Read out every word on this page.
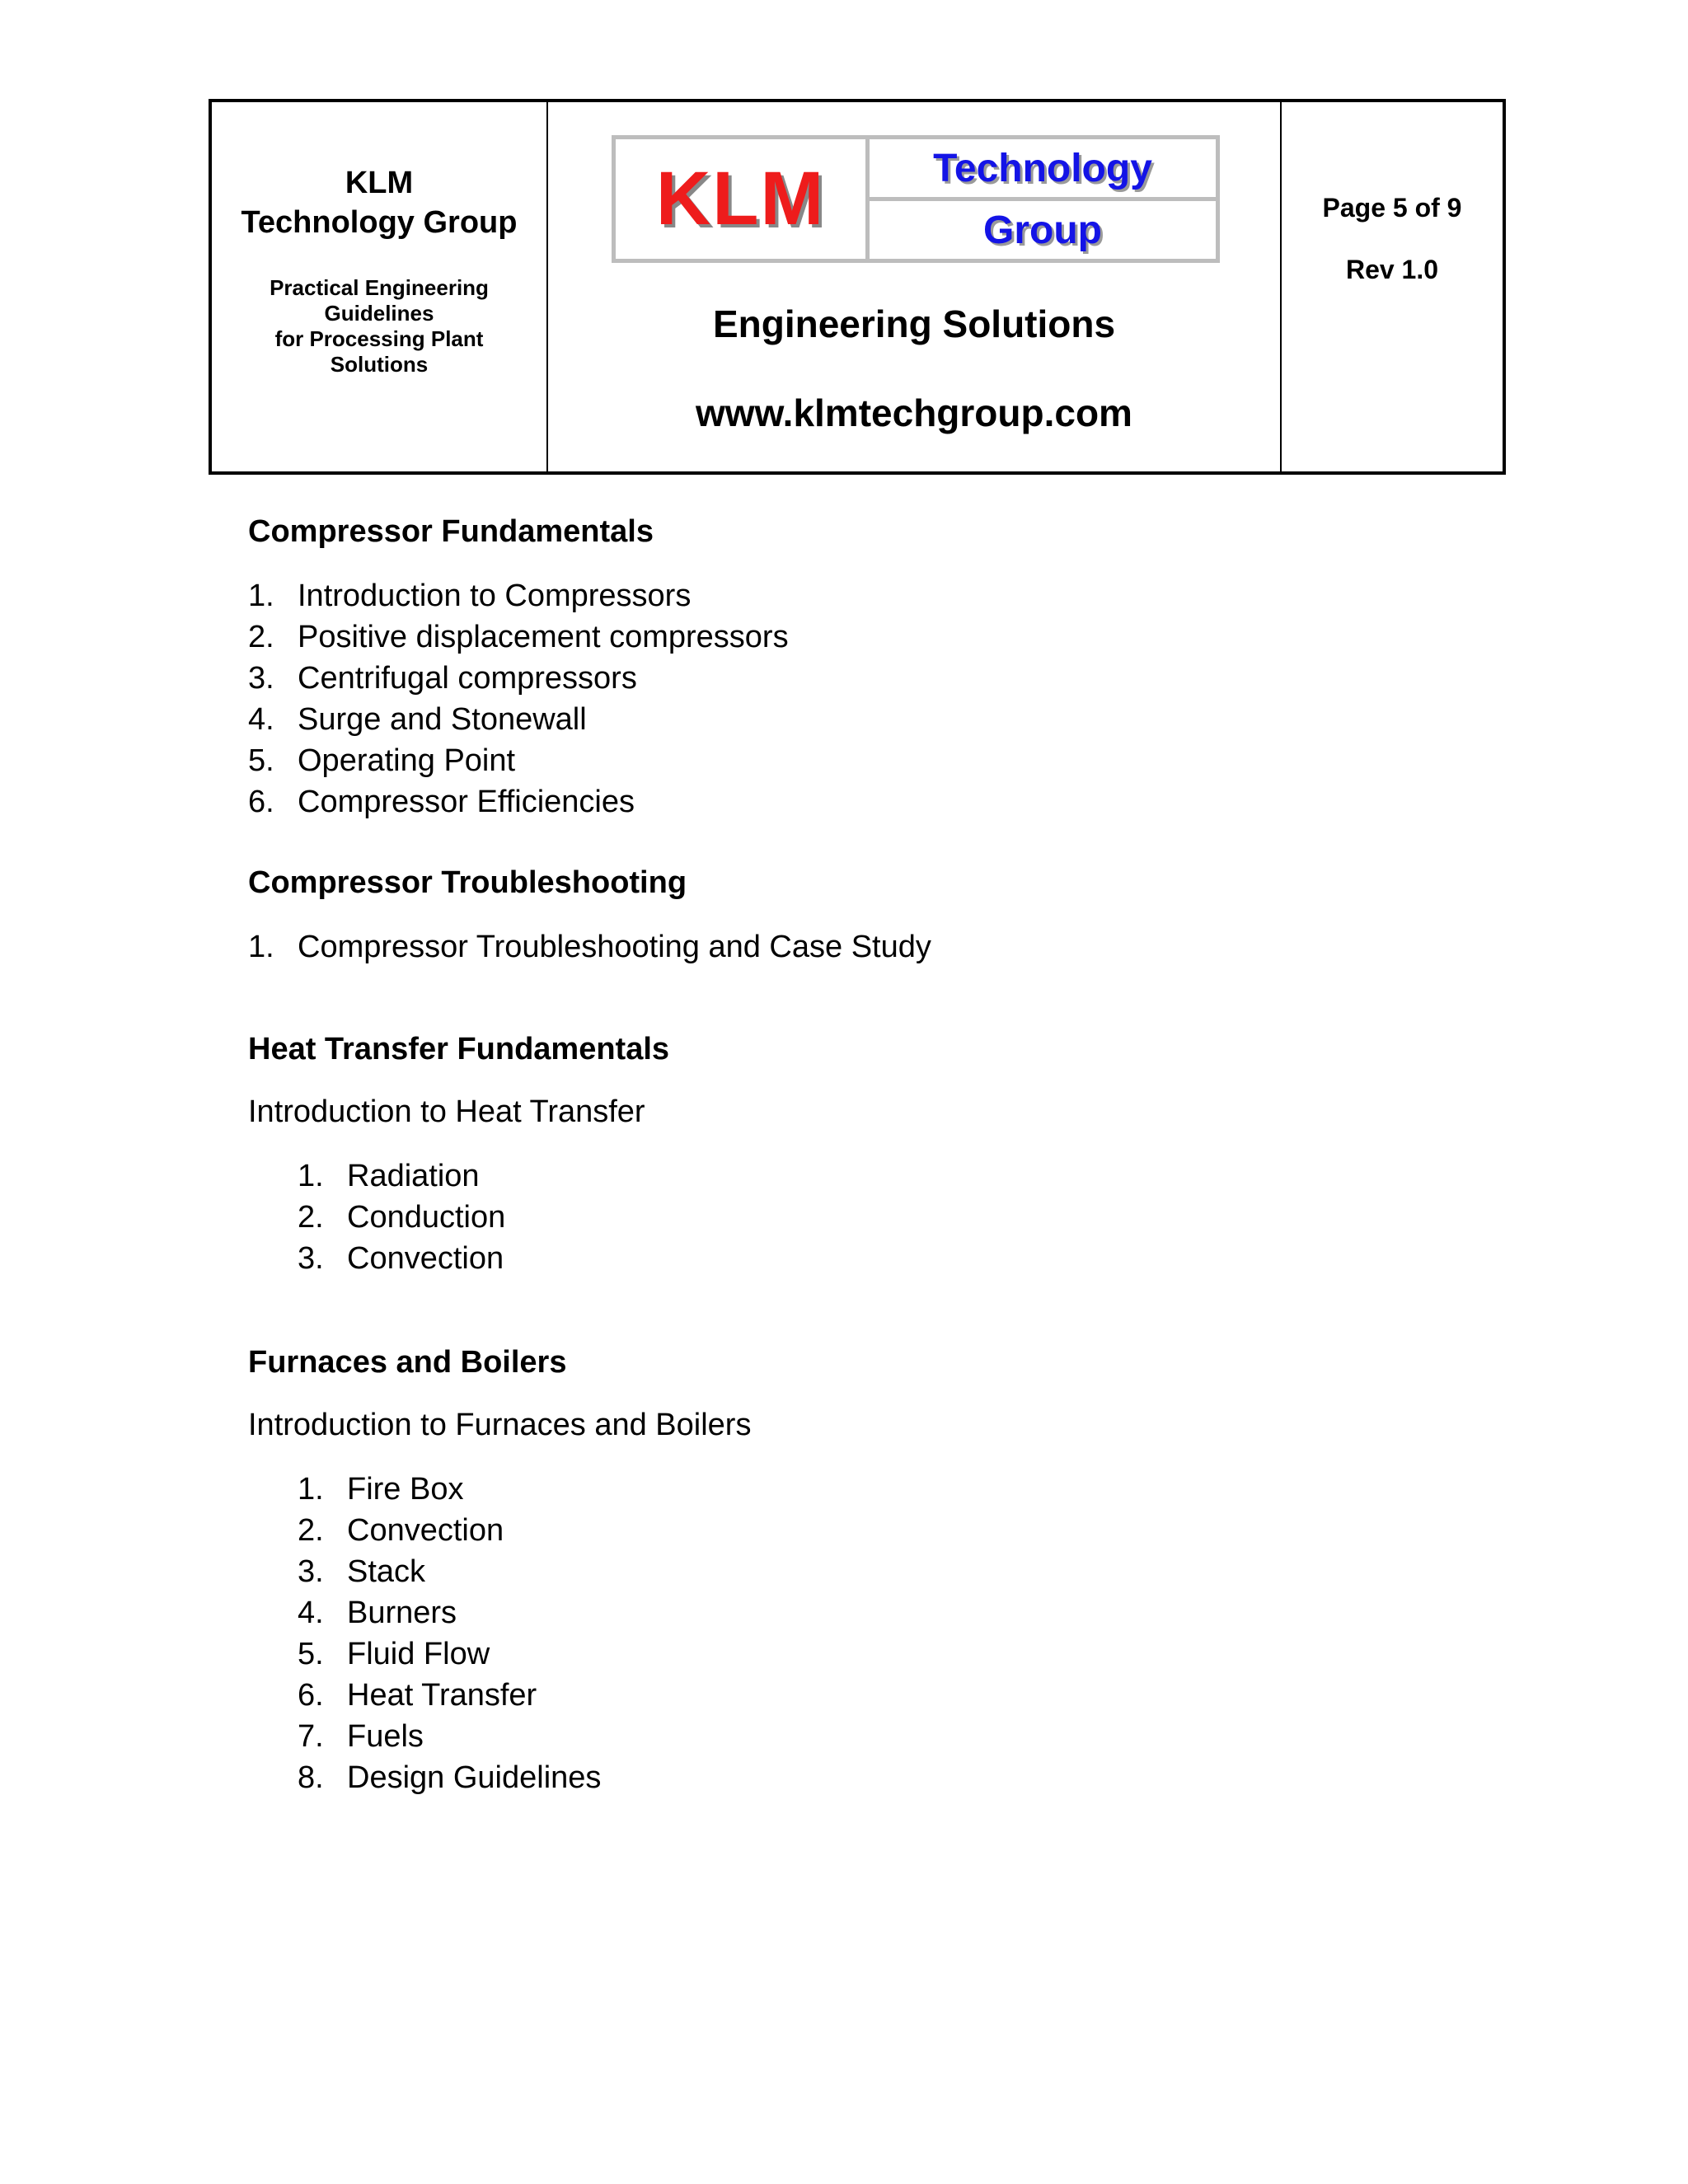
KLM
Technology Group
Practical Engineering
Guidelines
for Processing Plant
Solutions
KLM	Technology
Group
Engineering Solutions
www.klmtechgroup.com
Page 5 of 9
Rev 1.0
Compressor Fundamentals
1. Introduction to Compressors
2. Positive displacement compressors
3. Centrifugal compressors
4. Surge and Stonewall
5. Operating Point
6. Compressor Efficiencies
Compressor Troubleshooting
1. Compressor Troubleshooting and Case Study
Heat Transfer Fundamentals
Introduction to Heat Transfer
1. Radiation
2. Conduction
3. Convection
Furnaces and Boilers
Introduction to Furnaces and Boilers
1. Fire Box
2. Convection
3. Stack
4. Burners
5. Fluid Flow
6. Heat Transfer
7. Fuels
8. Design Guidelines
